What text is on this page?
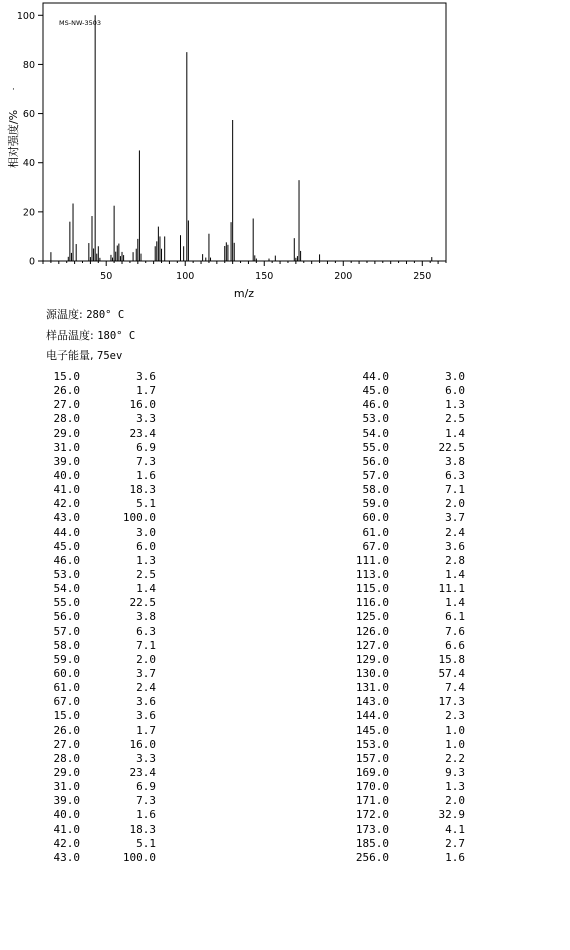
MS-NW-3503
0
20
40
60
80
100
50	100	150	200	250
m/z
相对强度/%
·
源温度: 280° C
样品温度: 180° C
电子能量, 75ev
15.0	3.6
26.0	1.7
27.0	16.0
28.0	3.3
29.0	23.4
31.0	6.9
39.0	7.3
40.0	1.6
41.0	18.3
42.0	5.1
43.0	100.0
44.0	3.0
45.0	6.0
46.0	1.3
53.0	2.5
54.0	1.4
55.0	22.5
56.0	3.8
57.0	6.3
58.0	7.1
59.0	2.0
60.0	3.7
61.0	2.4
67.0	3.6
15.0	3.6
26.0	1.7
27.0	16.0
28.0	3.3
29.0	23.4
31.0	6.9
39.0	7.3
40.0	1.6
41.0	18.3
42.0	5.1
43.0	100.0
44.0	3.0
45.0	6.0
46.0	1.3
53.0	2.5
54.0	1.4
55.0	22.5
56.0	3.8
57.0	6.3
58.0	7.1
59.0	2.0
60.0	3.7
61.0	2.4
67.0	3.6
111.0	2.8
113.0	1.4
115.0	11.1
116.0	1.4
125.0	6.1
126.0	7.6
127.0	6.6
129.0	15.8
130.0	57.4
131.0	7.4
143.0	17.3
144.0	2.3
145.0	1.0
153.0	1.0
157.0	2.2
169.0	9.3
170.0	1.3
171.0	2.0
172.0	32.9
173.0	4.1
185.0	2.7
256.0	1.6
